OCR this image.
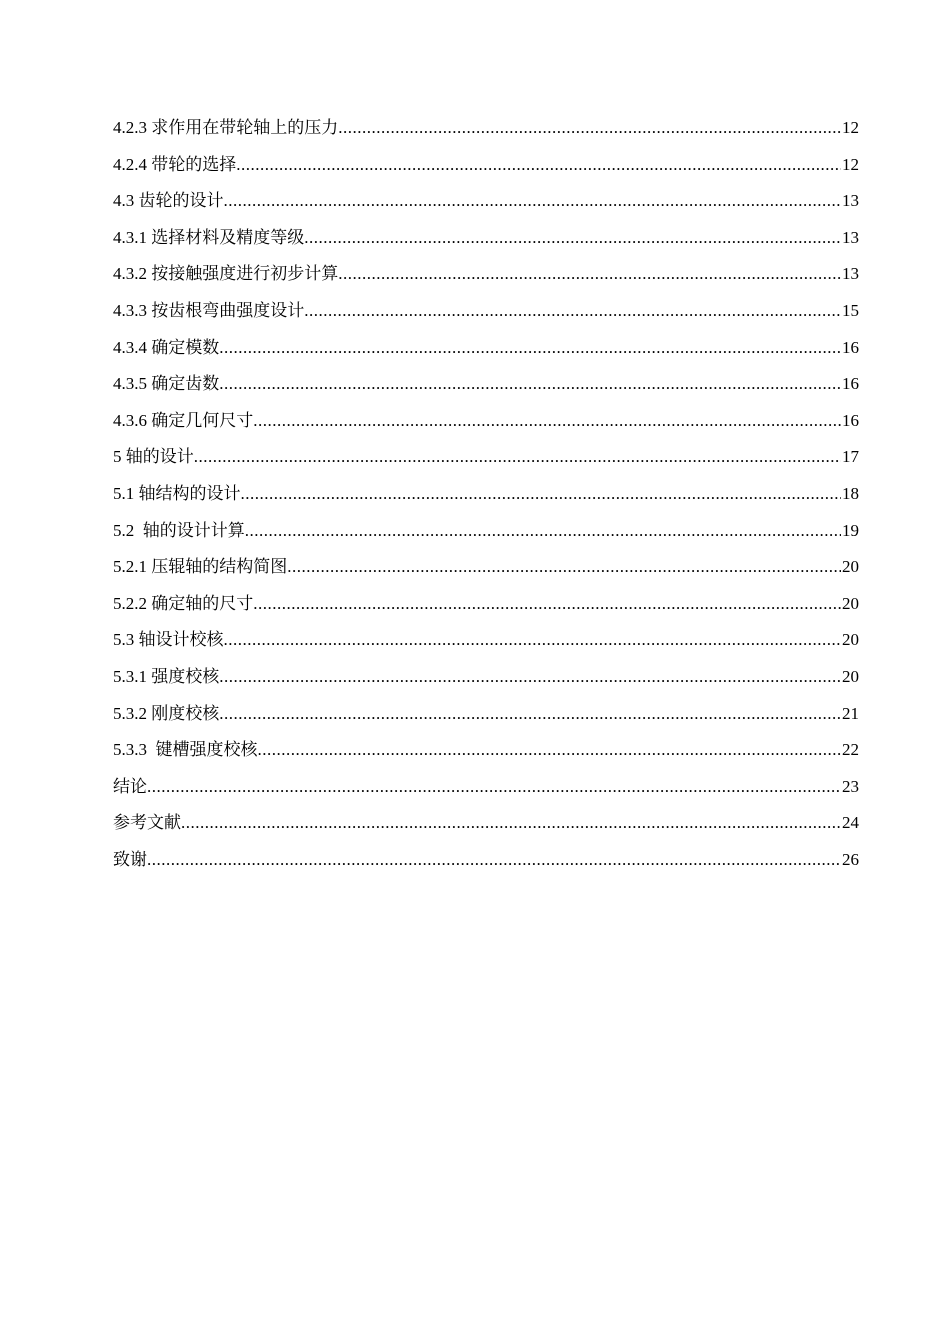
4.2.3 求作用在带轮轴上的压力 .....	12
4.2.4 带轮的选择 .....	12
4.3 齿轮的设计 .....	13
4.3.1 选择材料及精度等级 .....	13
4.3.2 按接触强度进行初步计算 .....	13
4.3.3 按齿根弯曲强度设计 .....	15
4.3.4 确定模数 .....	16
4.3.5 确定齿数 .....	16
4.3.6 确定几何尺寸 .....	16
5 轴的设计 .....	17
5.1 轴结构的设计 .....	18
5.2  轴的设计计算 .....	19
5.2.1 压辊轴的结构简图 .....	20
5.2.2 确定轴的尺寸 .....	20
5.3 轴设计校核 .....	20
5.3.1 强度校核 .....	20
5.3.2 刚度校核 .....	21
5.3.3  键槽强度校核 .....	22
结论 .....	23
参考文献 .....	24
致谢 .....	26
